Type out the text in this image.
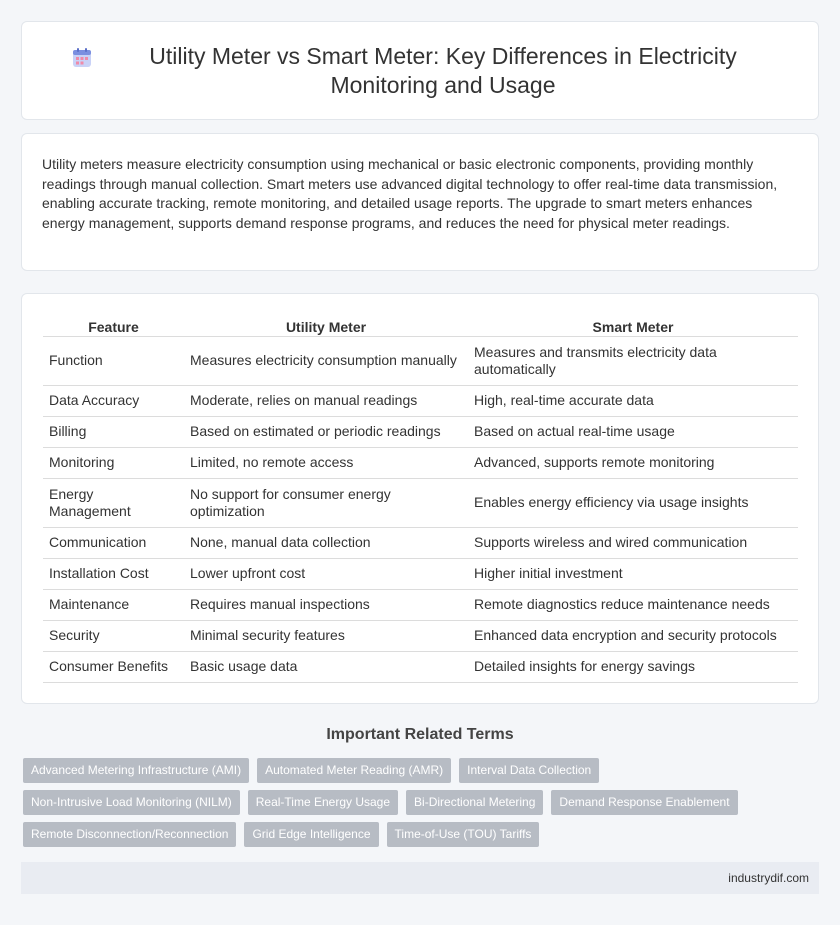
Utility Meter vs Smart Meter: Key Differences in Electricity Monitoring and Usage

Utility meters measure electricity consumption using mechanical or basic electronic components, providing monthly readings through manual collection. Smart meters use advanced digital technology to offer real-time data transmission, enabling accurate tracking, remote monitoring, and detailed usage reports. The upgrade to smart meters enhances energy management, supports demand response programs, and reduces the need for physical meter readings.

Feature	Utility Meter	Smart Meter
Function	Measures electricity consumption manually	Measures and transmits electricity data automatically
Data Accuracy	Moderate, relies on manual readings	High, real-time accurate data
Billing	Based on estimated or periodic readings	Based on actual real-time usage
Monitoring	Limited, no remote access	Advanced, supports remote monitoring
Energy Management	No support for consumer energy optimization	Enables energy efficiency via usage insights
Communication	None, manual data collection	Supports wireless and wired communication
Installation Cost	Lower upfront cost	Higher initial investment
Maintenance	Requires manual inspections	Remote diagnostics reduce maintenance needs
Security	Minimal security features	Enhanced data encryption and security protocols
Consumer Benefits	Basic usage data	Detailed insights for energy savings
Important Related Terms
Advanced Metering Infrastructure (AMI)	Automated Meter Reading (AMR)	Interval Data Collection
Non-Intrusive Load Monitoring (NILM)	Real-Time Energy Usage	Bi-Directional Metering	Demand Response Enablement
Remote Disconnection/Reconnection	Grid Edge Intelligence	Time-of-Use (TOU) Tariffs
industrydif.com
